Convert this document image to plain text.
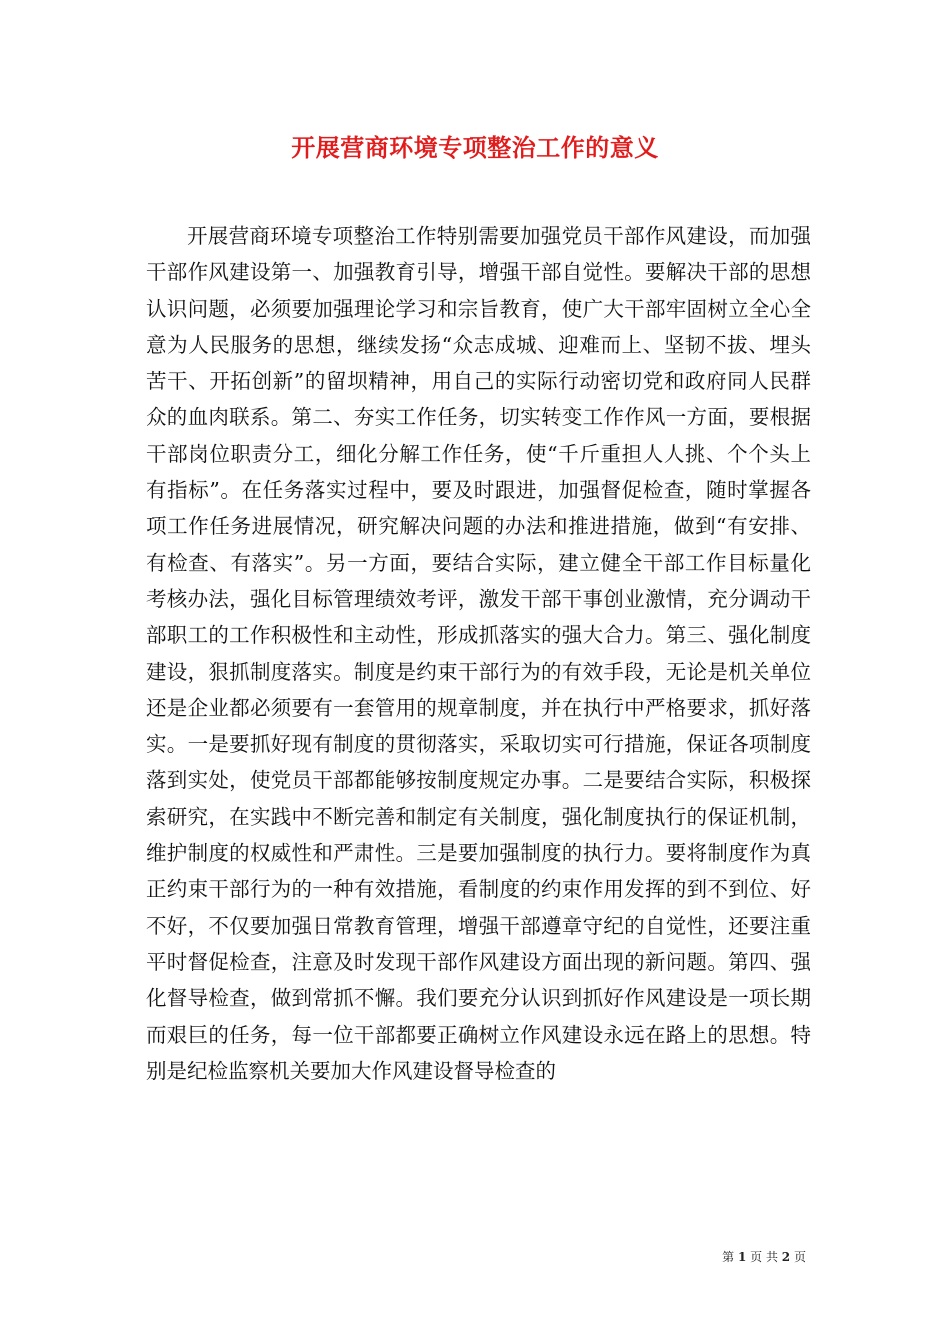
开展营商环境专项整治工作的意义

开展营商环境专项整治工作特别需要加强党员干部作风建设，而加强干部作风建设第一、加强教育引导，增强干部自觉性。要解决干部的思想认识问题，必须要加强理论学习和宗旨教育，使广大干部牢固树立全心全意为人民服务的思想，继续发扬“众志成城、迎难而上、坚韧不拔、埋头苦干、开拓创新”的留坝精神，用自己的实际行动密切党和政府同人民群众的血肉联系。第二、夯实工作任务，切实转变工作作风一方面，要根据干部岗位职责分工，细化分解工作任务，使“千斤重担人人挑、个个头上有指标”。在任务落实过程中，要及时跟进，加强督促检查，随时掌握各项工作任务进展情况，研究解决问题的办法和推进措施，做到“有安排、有检查、有落实”。另一方面，要结合实际，建立健全干部工作目标量化考核办法，强化目标管理绩效考评，激发干部干事创业激情，充分调动干部职工的工作积极性和主动性，形成抓落实的强大合力。第三、强化制度建设，狠抓制度落实。制度是约束干部行为的有效手段，无论是机关单位还是企业都必须要有一套管用的规章制度，并在执行中严格要求，抓好落实。一是要抓好现有制度的贯彻落实，采取切实可行措施，保证各项制度落到实处，使党员干部都能够按制度规定办事。二是要结合实际，积极探索研究，在实践中不断完善和制定有关制度，强化制度执行的保证机制，维护制度的权威性和严肃性。三是要加强制度的执行力。要将制度作为真正约束干部行为的一种有效措施，看制度的约束作用发挥的到不到位、好不好，不仅要加强日常教育管理，增强干部遵章守纪的自觉性，还要注重平时督促检查，注意及时发现干部作风建设方面出现的新问题。第四、强化督导检查，做到常抓不懈。我们要充分认识到抓好作风建设是一项长期而艰巨的任务，每一位干部都要正确树立作风建设永远在路上的思想。特别是纪检监察机关要加大作风建设督导检查的

第 1 页 共 2 页
